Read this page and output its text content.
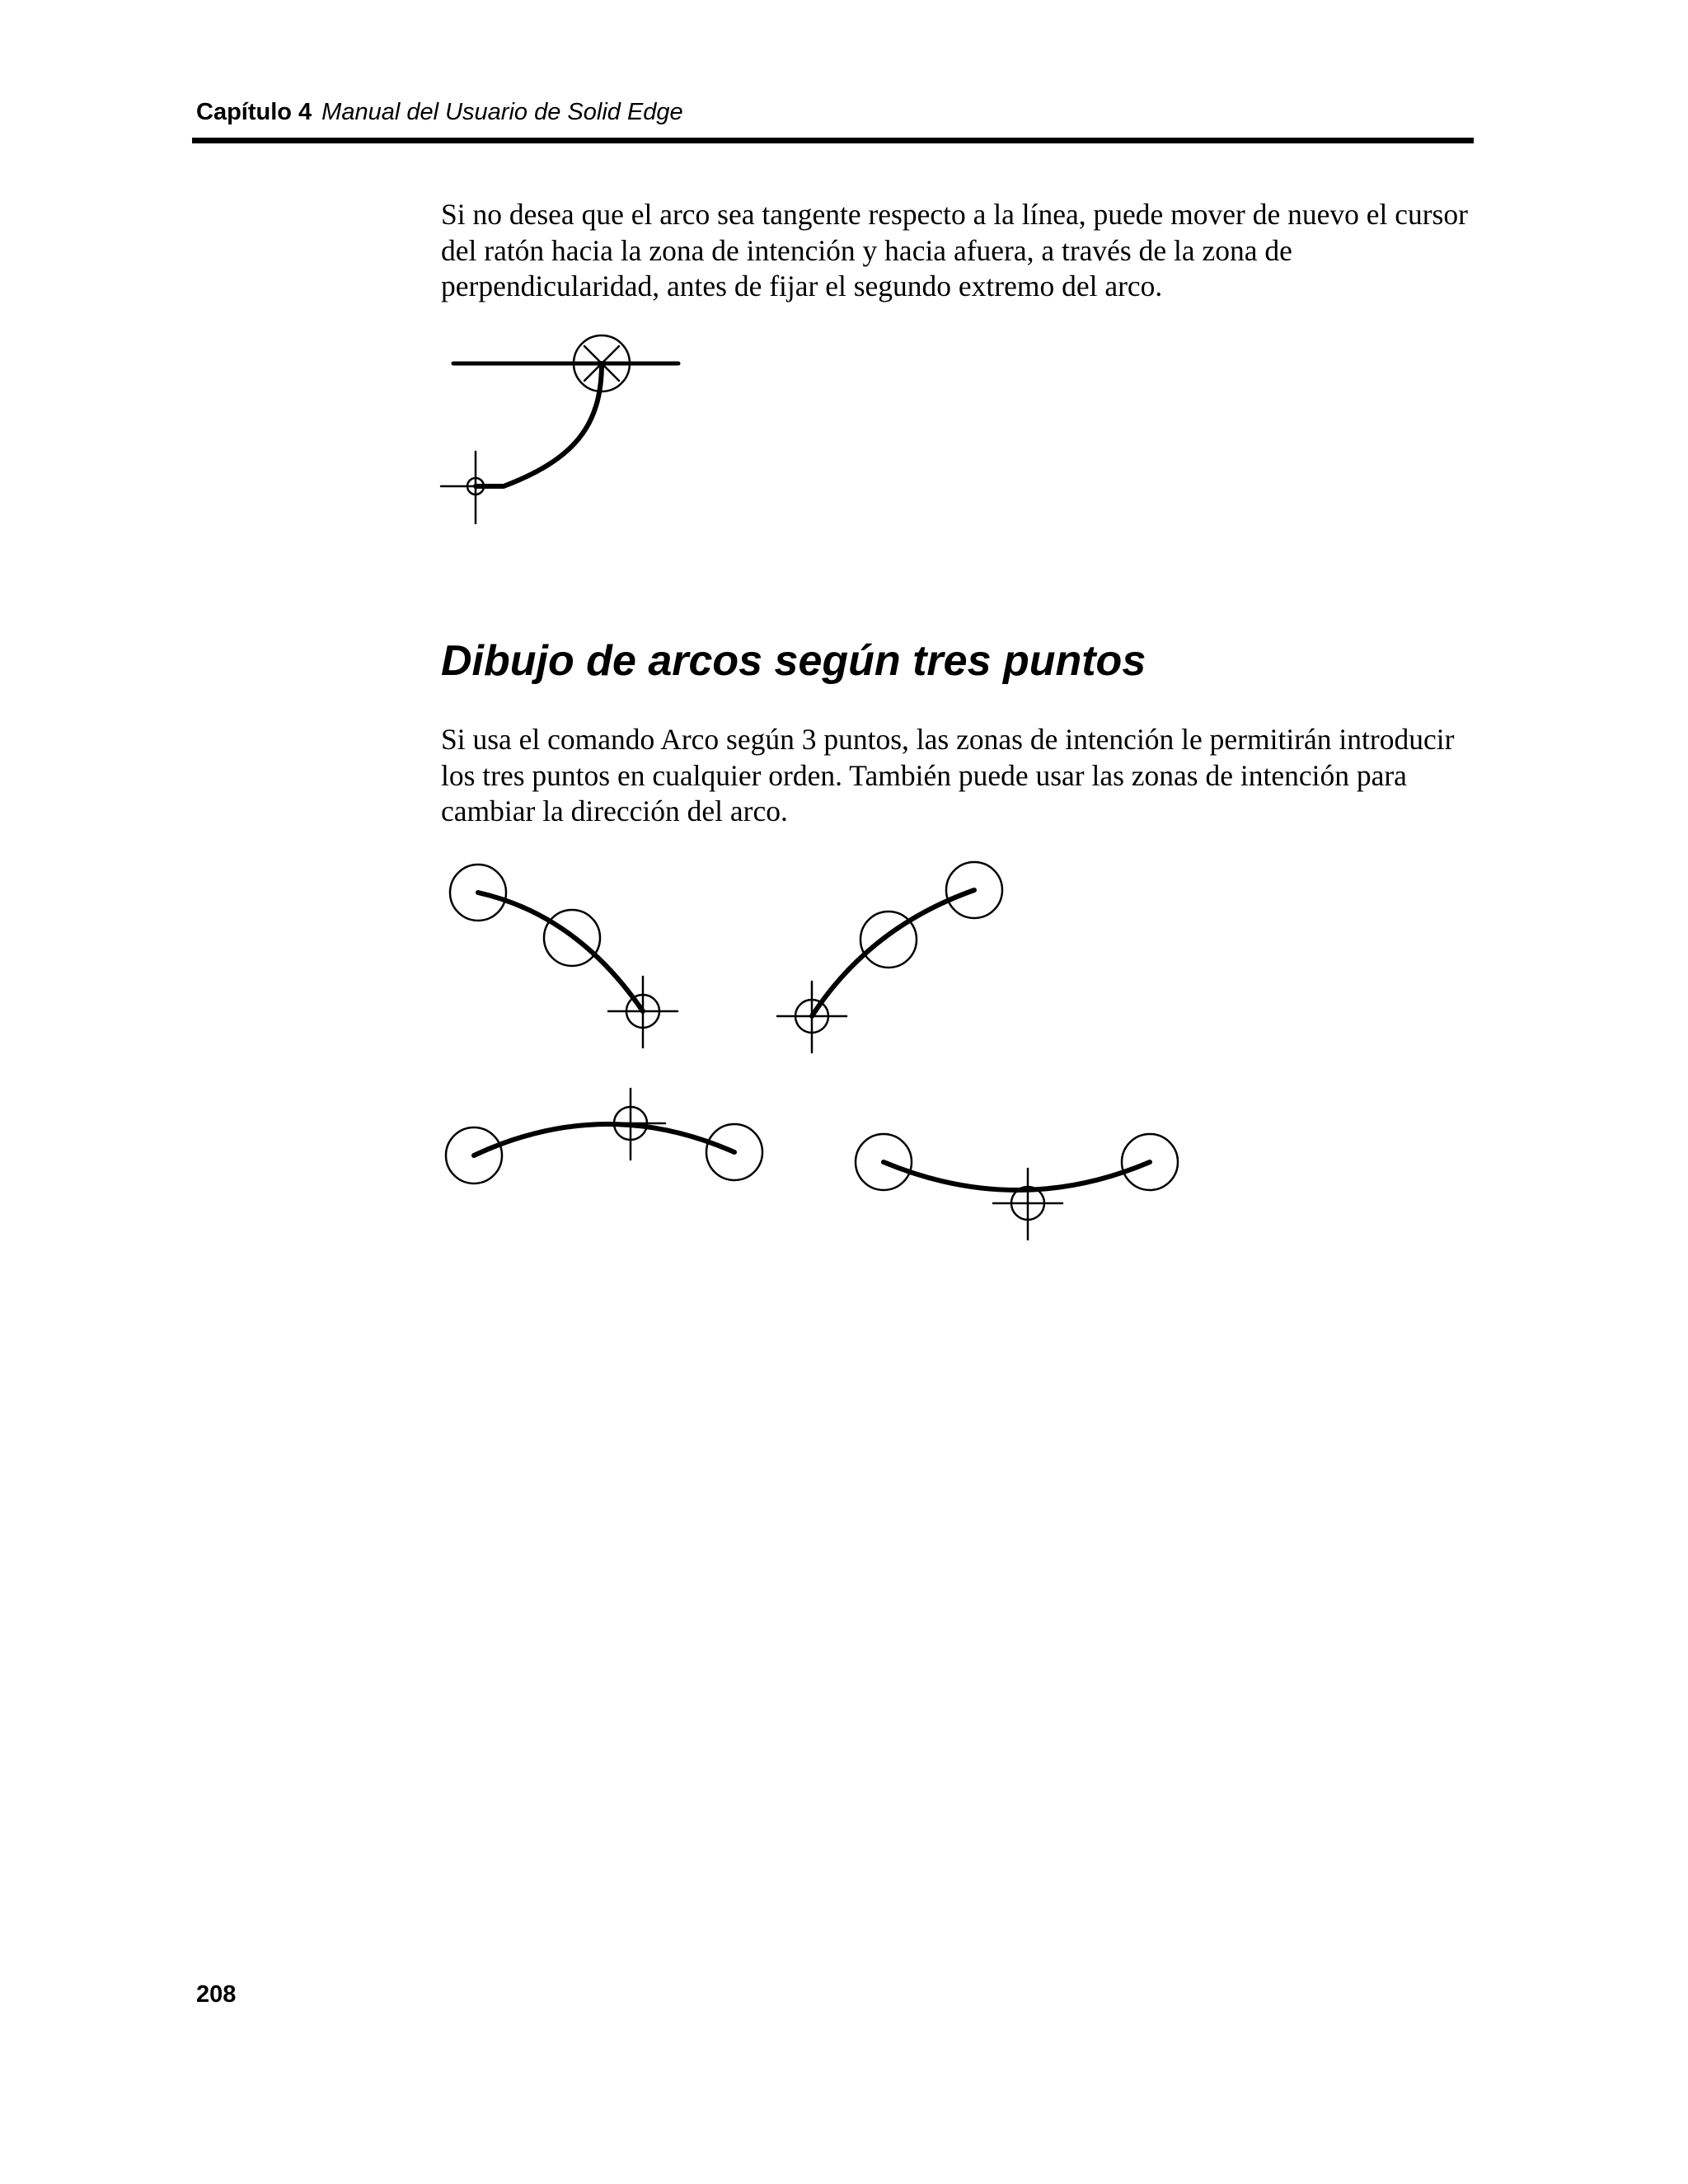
Capítulo 4 Manual del Usuario de Solid Edge

Si no desea que el arco sea tangente respecto a la línea, puede mover de nuevo el cursor del ratón hacia la zona de intención y hacia afuera, a través de la zona de perpendicularidad, antes de fijar el segundo extremo del arco.

Dibujo de arcos según tres puntos

Si usa el comando Arco según 3 puntos, las zonas de intención le permitirán introducir los tres puntos en cualquier orden. También puede usar las zonas de intención para cambiar la dirección del arco.

208
